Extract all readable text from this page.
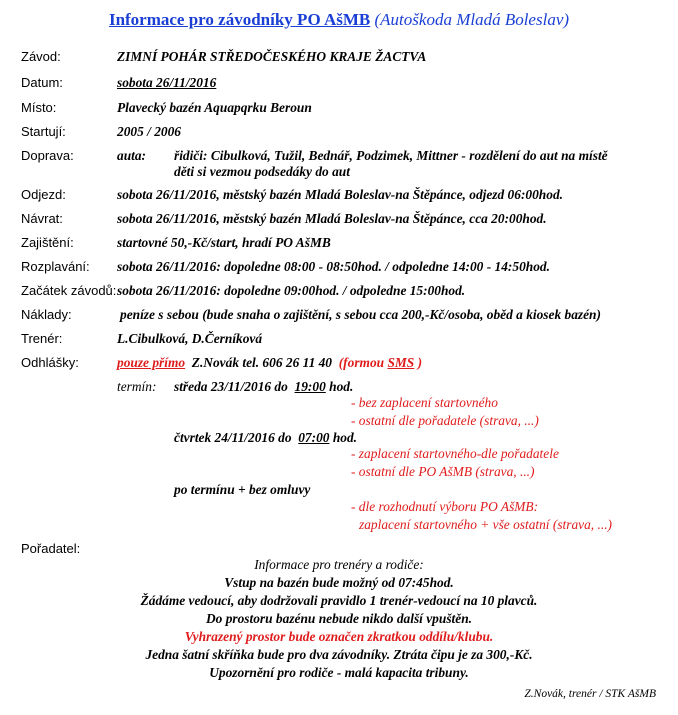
Informace pro závodníky PO AšMB (Autoškoda Mladá Boleslav)
Závod:	ZIMNÍ POHÁR STŘEDOČESKÉHO KRAJE ŽACTVA
Datum:	sobota 26/11/2016
Místo:	Plavecký bazén Aquapqrku Beroun
Startují:	2005 / 2006
Doprava:	auta: řidiči: Cibulková, Tužil, Bednář, Podzimek, Mittner - rozdělení do aut na místě
děti si vezmou podsedáky do aut
Odjezd:	sobota 26/11/2016, městský bazén Mladá Boleslav-na Štěpánce, odjezd 06:00hod.
Návrat:	sobota 26/11/2016, městský bazén Mladá Boleslav-na Štěpánce, cca 20:00hod.
Zajištění:	startovné 50,-Kč/start, hradí PO AšMB
Rozplavání: sobota 26/11/2016: dopoledne 08:00 - 08:50hod. / odpoledne 14:00 - 14:50hod.
Začátek závodů: sobota 26/11/2016: dopoledne 09:00hod. / odpoledne 15:00hod.
Náklady:	peníze s sebou (bude snaha o zajištění, s sebou cca 200,-Kč/osoba, oběd a kiosek bazén)
Trenér:	L.Cibulková, D.Černíková
Odhlášky:	pouze přímo Z.Novák tel. 606 26 11 40 (formou SMS )
termín: středa 23/11/2016 do 19:00 hod.
- bez zaplacení startovného
- ostatní dle pořadatele (strava, ...)
čtvrtek 24/11/2016 do 07:00 hod.
- zaplacení startovného-dle pořadatele
- ostatní dle PO AšMB (strava, ...)
po termínu + bez omluvy
- dle rozhodnutí výboru PO AšMB:
zaplacení startovného + vše ostatní (strava, ...)
Pořadatel:
Informace pro trenéry a rodiče:
Vstup na bazén bude možný od 07:45hod.
Žádáme vedoucí, aby dodržovali pravidlo 1 trenér-vedoucí na 10 plavců.
Do prostoru bazénu nebude nikdo další vpuštěn.
Vyhrazený prostor bude označen zkratkou oddílu/klubu.
Jedna šatní skříňka bude pro dva závodníky. Ztráta čipu je za 300,-Kč.
Upozornění pro rodiče - malá kapacita tribuny.
Z.Novák, trenér / STK AšMB
